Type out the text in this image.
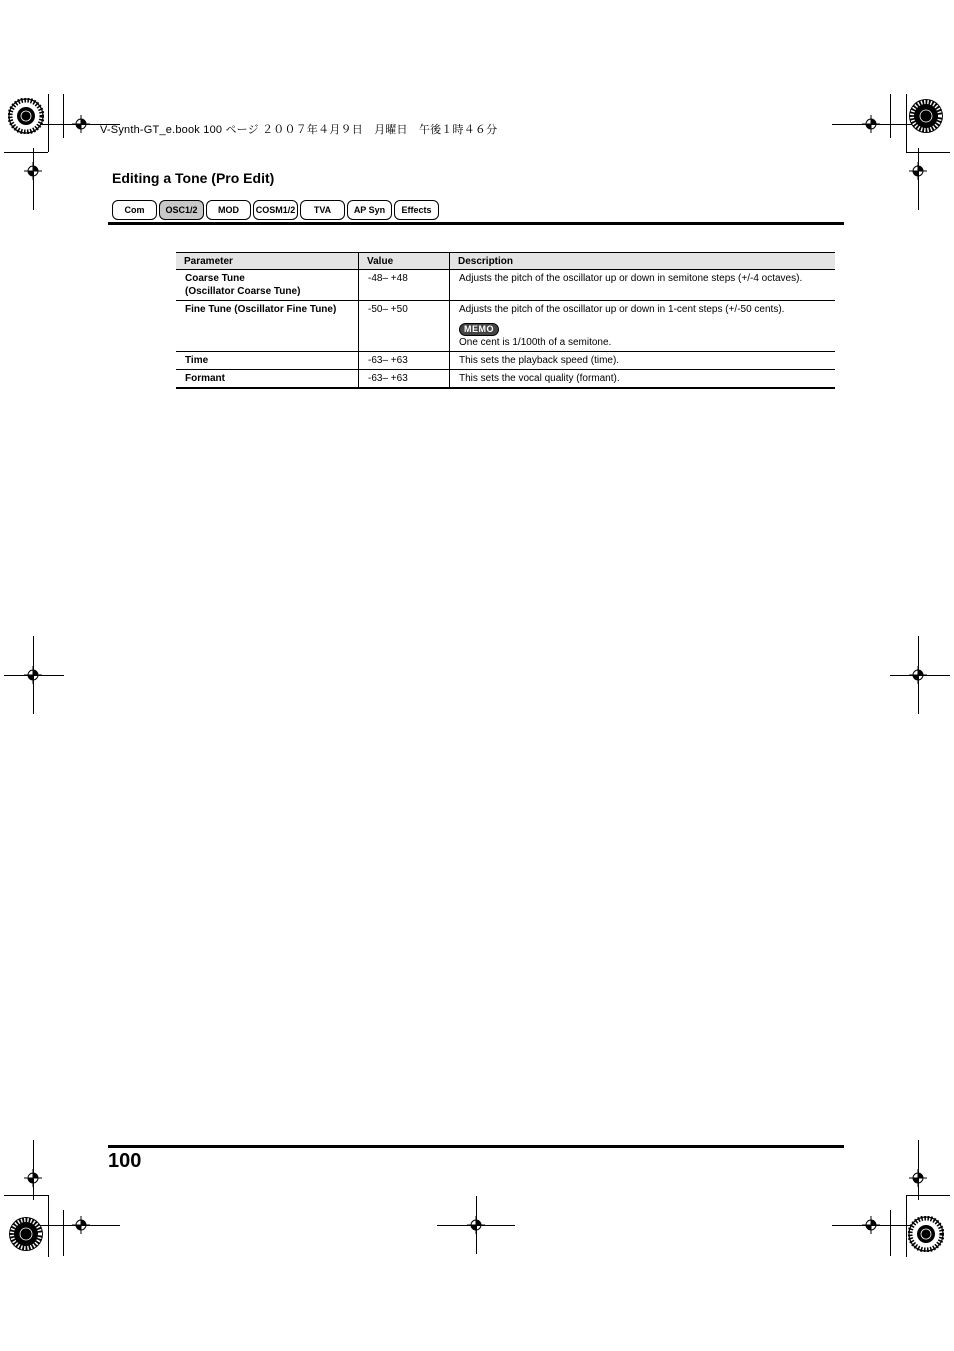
V-Synth-GT_e.book 100 ページ ２００７年４月９日　月曜日　午後１時４６分
Editing a Tone (Pro Edit)
Com	OSC1/2	MOD	COSM1/2	TVA	AP Syn	Effects
Parameter	Value	Description

Coarse Tune
(Oscillator Coarse Tune)	-48– +48	Adjusts the pitch of the oscillator up or down in semitone steps (+/-4 octaves).
Fine Tune (Oscillator Fine Tune)	-50– +50	Adjusts the pitch of the oscillator up or down in 1-cent steps (+/-50 cents).
MEMO
One cent is 1/100th of a semitone.

Time	-63– +63	This sets the playback speed (time).
Formant	-63– +63	This sets the vocal quality (formant).
100
